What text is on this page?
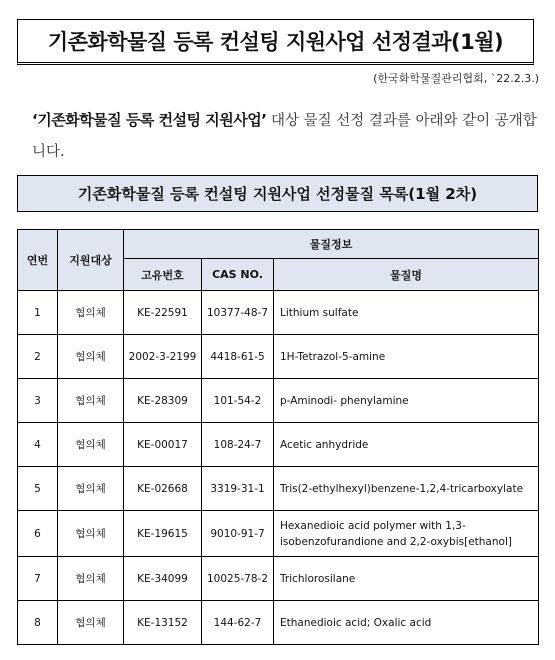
기존화학물질 등록 컨설팅 지원사업 선정결과(1월)
(한국화학물질관리협회, `22.2.3.)
‘기존화학물질 등록 컨설팅 지원사업’ 대상 물질 선정 결과를 아래와 같이 공개합니다.
기존화학물질 등록 컨설팅 지원사업 선정물질 목록(1월 2차)
연번	지원대상	물질정보		
		고유번호	CAS NO.	물질명
1	협의체	KE-22591	10377-48-7	Lithium sulfate
2	협의체	2002-3-2199	4418-61-5	1H-Tetrazol-5-amine
3	협의체	KE-28309	101-54-2	p-Aminodi- phenylamine
4	협의체	KE-00017	108-24-7	Acetic anhydride
5	협의체	KE-02668	3319-31-1	Tris(2-ethylhexyl)benzene-1,2,4-tricarboxylate
6	협의체	KE-19615	9010-91-7	Hexanedioic acid polymer with 1,3-isobenzofurandione and 2,2-oxybis[ethanol]
7	협의체	KE-34099	10025-78-2	Trichlorosilane
8	협의체	KE-13152	144-62-7	Ethanedioic acid; Oxalic acid
